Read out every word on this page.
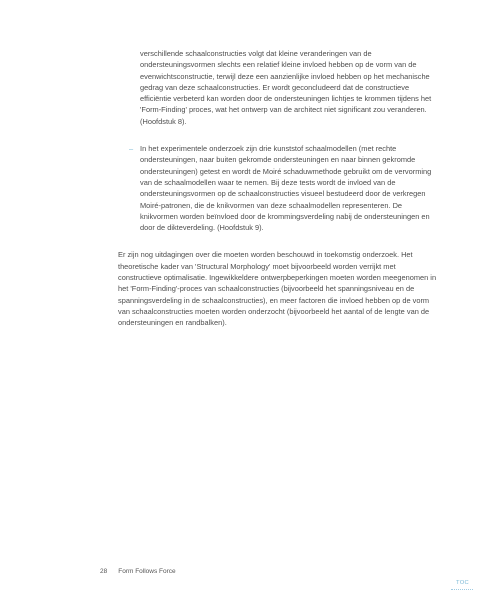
verschillende schaalconstructies volgt dat kleine veranderingen van de ondersteuningsvormen slechts een relatief kleine invloed hebben op de vorm van de evenwichtsconstructie, terwijl deze een aanzienlijke invloed hebben op het mechanische gedrag van deze schaalconstructies. Er wordt geconcludeerd dat de constructieve efficiëntie verbeterd kan worden door de ondersteuningen lichtjes te krommen tijdens het 'Form-Finding' proces, wat het ontwerp van de architect niet significant zou veranderen. (Hoofdstuk 8).

– In het experimentele onderzoek zijn drie kunststof schaalmodellen (met rechte ondersteuningen, naar buiten gekromde ondersteuningen en naar binnen gekromde ondersteuningen) getest en wordt de Moiré schaduwmethode gebruikt om de vervorming van de schaalmodellen waar te nemen. Bij deze tests wordt de invloed van de ondersteuningsvormen op de schaalconstructies visueel bestudeerd door de verkregen Moiré-patronen, die de knikvormen van deze schaalmodellen representeren. De knikvormen worden beïnvloed door de krommingsverdeling nabij de ondersteuningen en door de dikteverdeling. (Hoofdstuk 9).

Er zijn nog uitdagingen over die moeten worden beschouwd in toekomstig onderzoek. Het theoretische kader van 'Structural Morphology' moet bijvoorbeeld worden verrijkt met constructieve optimalisatie. Ingewikkeldere ontwerpbeperkingen moeten worden meegenomen in het 'Form-Finding'-proces van schaalconstructies (bijvoorbeeld het spanningsniveau en de spanningsverdeling in de schaalconstructies), en meer factoren die invloed hebben op de vorm van schaalconstructies moeten worden onderzocht (bijvoorbeeld het aantal of de lengte van de ondersteuningen en randbalken).

28 Form Follows Force
TOC
